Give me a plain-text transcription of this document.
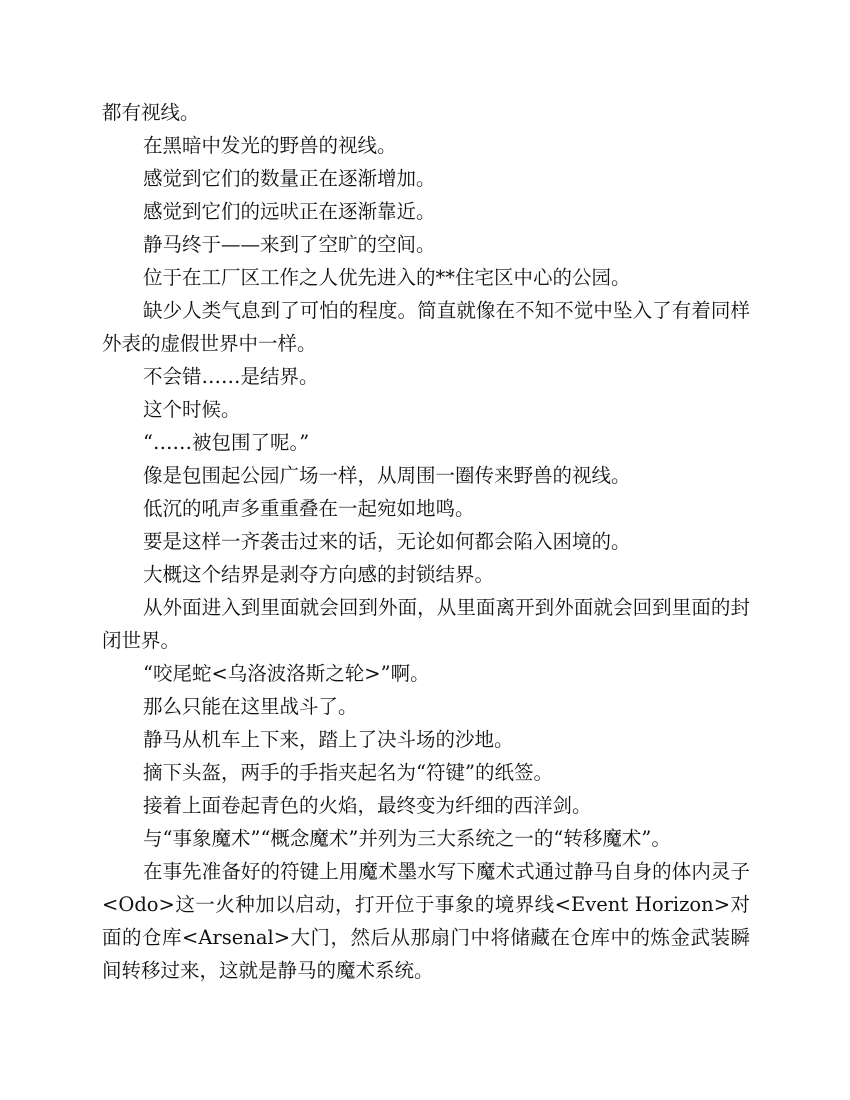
都有视线。

在黑暗中发光的野兽的视线。

感觉到它们的数量正在逐渐增加。

感觉到它们的远吠正在逐渐靠近。

静马终于——来到了空旷的空间。

位于在工厂区工作之人优先进入的**住宅区中心的公园。

缺少人类气息到了可怕的程度。简直就像在不知不觉中坠入了有着同样外表的虚假世界中一样。

不会错……是结界。

这个时候。

“……被包围了呢。”

像是包围起公园广场一样，从周围一圈传来野兽的视线。

低沉的吼声多重重叠在一起宛如地鸣。

要是这样一齐袭击过来的话，无论如何都会陷入困境的。

大概这个结界是剥夺方向感的封锁结界。

从外面进入到里面就会回到外面，从里面离开到外面就会回到里面的封闭世界。

“咬尾蛇<乌洛波洛斯之轮>”啊。

那么只能在这里战斗了。

静马从机车上下来，踏上了决斗场的沙地。

摘下头盔，两手的手指夹起名为“符键”的纸签。

接着上面卷起青色的火焰，最终变为纤细的西洋剑。

与“事象魔术”“概念魔术”并列为三大系统之一的“转移魔术”。

在事先准备好的符键上用魔术墨水写下魔术式通过静马自身的体内灵子<Odo>这一火种加以启动，打开位于事象的境界线<Event Horizon>对面的仓库<Arsenal>大门，然后从那扇门中将储藏在仓库中的炼金武装瞬间转移过来，这就是静马的魔术系统。
